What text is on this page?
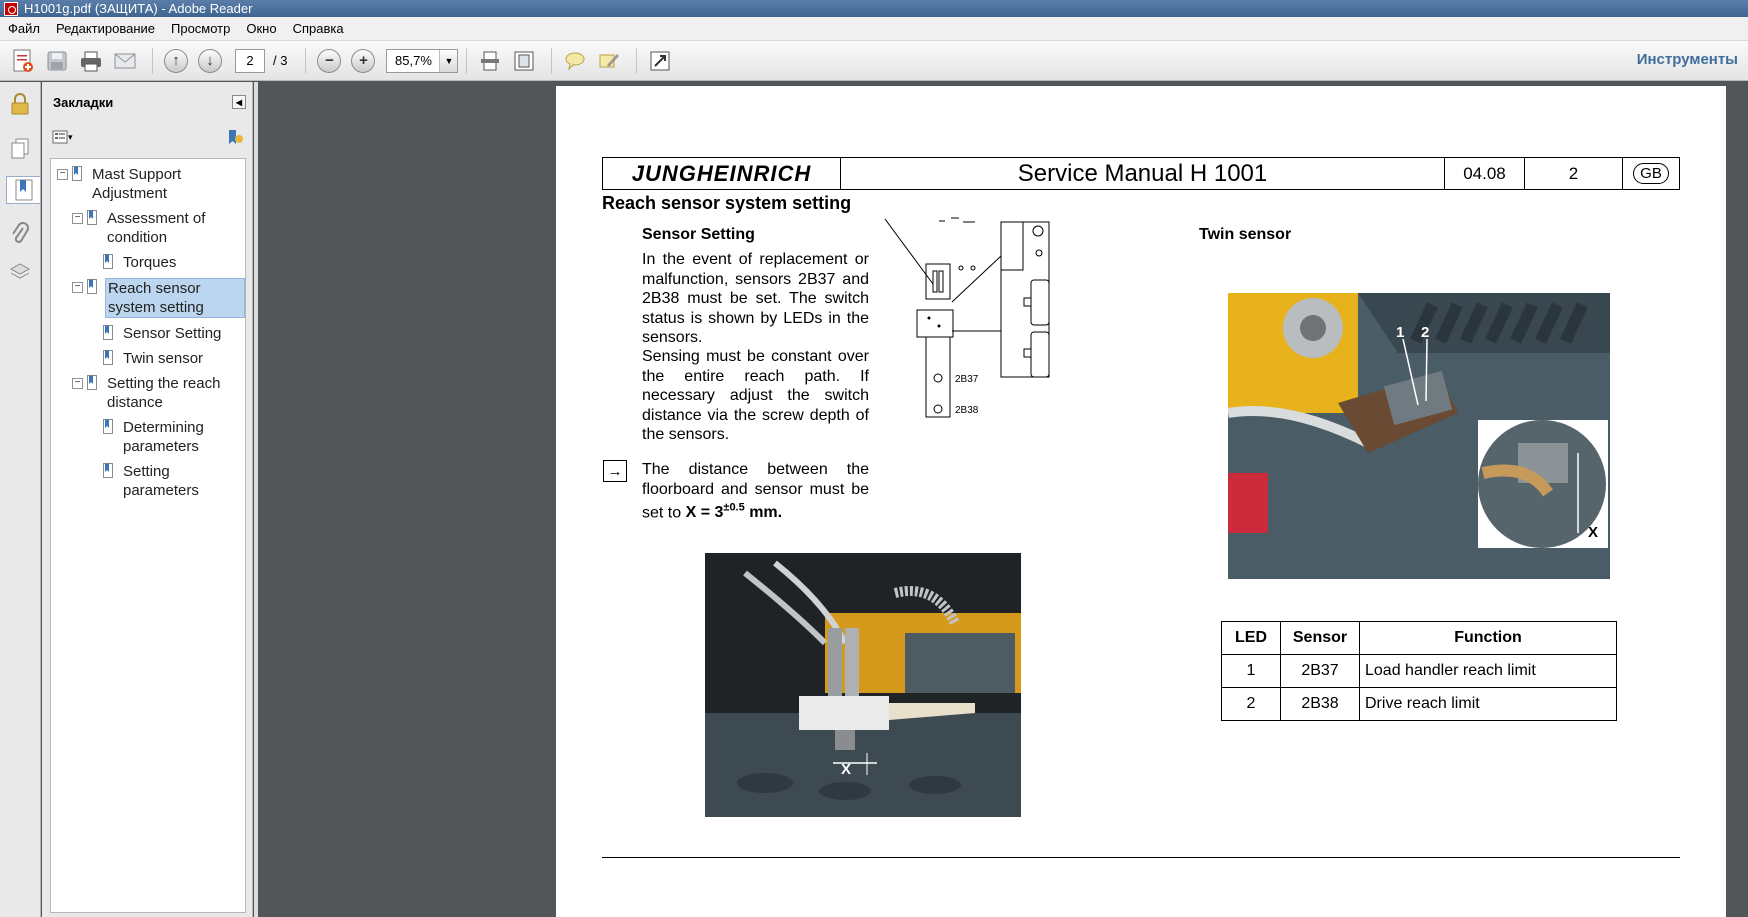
H1001g.pdf (ЗАЩИТА) - Adobe Reader
Файл	Редактирование	Просмотр	Окно	Справка
↑	↓	2	/ 3	−	+	85,7%	▼	Инструменты
Закладки	◀
▾
− Mast Support Adjustment
− Assessment of condition
Torques
− Reach sensor system setting
Sensor Setting
Twin sensor
− Setting the reach distance
Determining parameters
Setting parameters
JUNGHEINRICH	Service Manual H 1001	04.08	2	GB
Reach sensor system setting
Sensor Setting
In the event of replacement or malfunction, sensors 2B37 and 2B38 must be set. The switch status is shown by LEDs in the sensors.
Sensing must be constant over the entire reach path. If necessary adjust the switch distance via the screw depth of the sensors.
→ The distance between the floorboard and sensor must be set to $X = 3^{\pm 0.5}$ mm.
2B37
2B38
X
Twin sensor
1 2
X
LED	Sensor	Function
1	2B37	Load handler reach limit
2	2B38	Drive reach limit
